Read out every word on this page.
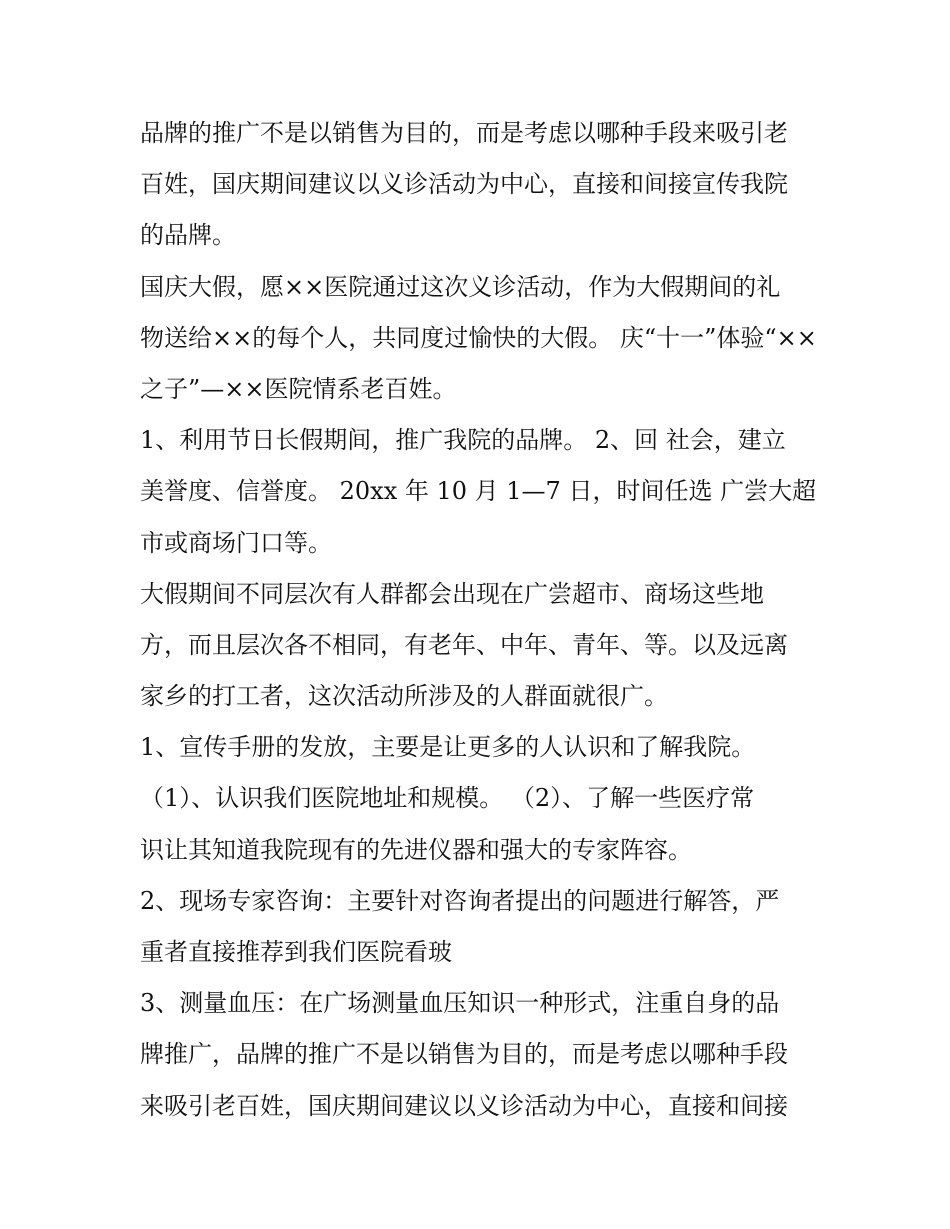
品牌的推广不是以销售为目的，而是考虑以哪种手段来吸引老
百姓，国庆期间建议以义诊活动为中心，直接和间接宣传我院
的品牌。
国庆大假，愿××医院通过这次义诊活动，作为大假期间的礼
物送给××的每个人，共同度过愉快的大假。 庆“十一”体验“××
之子”—××医院情系老百姓。
1、利用节日长假期间，推广我院的品牌。 2、回 社会，建立
美誉度、信誉度。 20xx 年 10 月 1—7 日，时间任选 广尝大超
市或商场门口等。
大假期间不同层次有人群都会出现在广尝超市、商场这些地
方，而且层次各不相同，有老年、中年、青年、等。以及远离
家乡的打工者，这次活动所涉及的人群面就很广。
1、宣传手册的发放，主要是让更多的人认识和了解我院。
（1）、认识我们医院地址和规模。 （2）、了解一些医疗常
识让其知道我院现有的先进仪器和强大的专家阵容。
2、现场专家咨询：主要针对咨询者提出的问题进行解答，严
重者直接推荐到我们医院看玻
3、测量血压：在广场测量血压知识一种形式，注重自身的品
牌推广，品牌的推广不是以销售为目的，而是考虑以哪种手段
来吸引老百姓，国庆期间建议以义诊活动为中心，直接和间接
